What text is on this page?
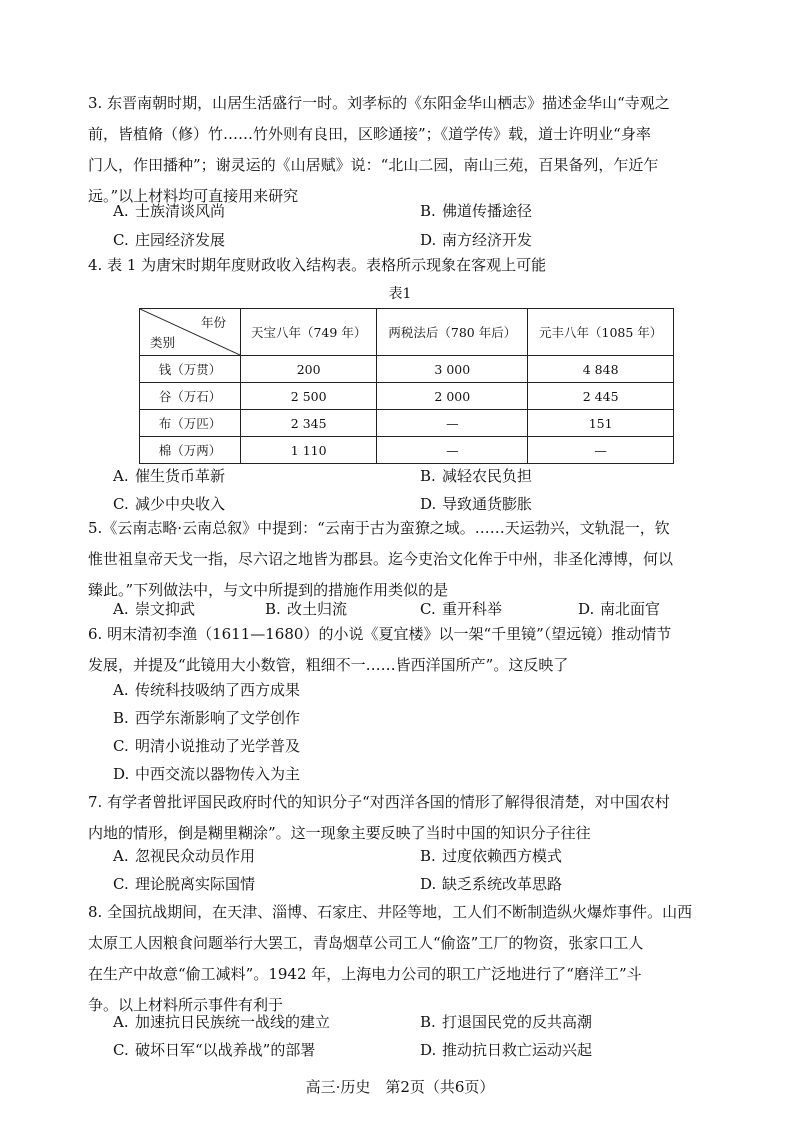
3. 东晋南朝时期，山居生活盛行一时。刘孝标的《东阳金华山栖志》描述金华山“寺观之
前，皆植脩（修）竹……竹外则有良田，区畛通接”；《道学传》载，道士许明业“身率
门人，作田播种”；谢灵运的《山居赋》说：“北山二园，南山三苑，百果备列，乍近乍
远。”以上材料均可直接用来研究
A. 士族清谈风尚	B. 佛道传播途径
C. 庄园经济发展	D. 南方经济开发
4. 表 1 为唐宋时期年度财政收入结构表。表格所示现象在客观上可能
表1
年份
类别	天宝八年（749 年）	两税法后（780 年后）	元丰八年（1085 年）
钱（万贯）	200	3 000	4 848
谷（万石）	2 500	2 000	2 445
布（万匹）	2 345	—	151
棉（万两）	1 110	—	—
A. 催生货币革新	B. 减轻农民负担
C. 减少中央收入	D. 导致通货膨胀
5.《云南志略·云南总叙》中提到：“云南于古为蛮獠之域。……天运勃兴，文轨混一，钦
惟世祖皇帝天戈一指，尽六诏之地皆为郡县。迄今吏治文化侔于中州，非圣化溥博，何以
臻此。”下列做法中，与文中所提到的措施作用类似的是
A. 崇文抑武	B. 改土归流	C. 重开科举	D. 南北面官
6. 明末清初李渔（1611—1680）的小说《夏宜楼》以一架“千里镜”（望远镜）推动情节
发展，并提及“此镜用大小数管，粗细不一……皆西洋国所产”。这反映了
A. 传统科技吸纳了西方成果
B. 西学东渐影响了文学创作
C. 明清小说推动了光学普及
D. 中西交流以器物传入为主
7. 有学者曾批评国民政府时代的知识分子“对西洋各国的情形了解得很清楚，对中国农村
内地的情形，倒是糊里糊涂”。这一现象主要反映了当时中国的知识分子往往
A. 忽视民众动员作用	B. 过度依赖西方模式
C. 理论脱离实际国情	D. 缺乏系统改革思路
8. 全国抗战期间，在天津、淄博、石家庄、井陉等地，工人们不断制造纵火爆炸事件。山西
太原工人因粮食问题举行大罢工，青岛烟草公司工人“偷盗”工厂的物资，张家口工人
在生产中故意“偷工减料”。1942 年，上海电力公司的职工广泛地进行了“磨洋工”斗
争。以上材料所示事件有利于
A. 加速抗日民族统一战线的建立	B. 打退国民党的反共高潮
C. 破坏日军“以战养战”的部署	D. 推动抗日救亡运动兴起
高三·历史　第2页（共6页）
